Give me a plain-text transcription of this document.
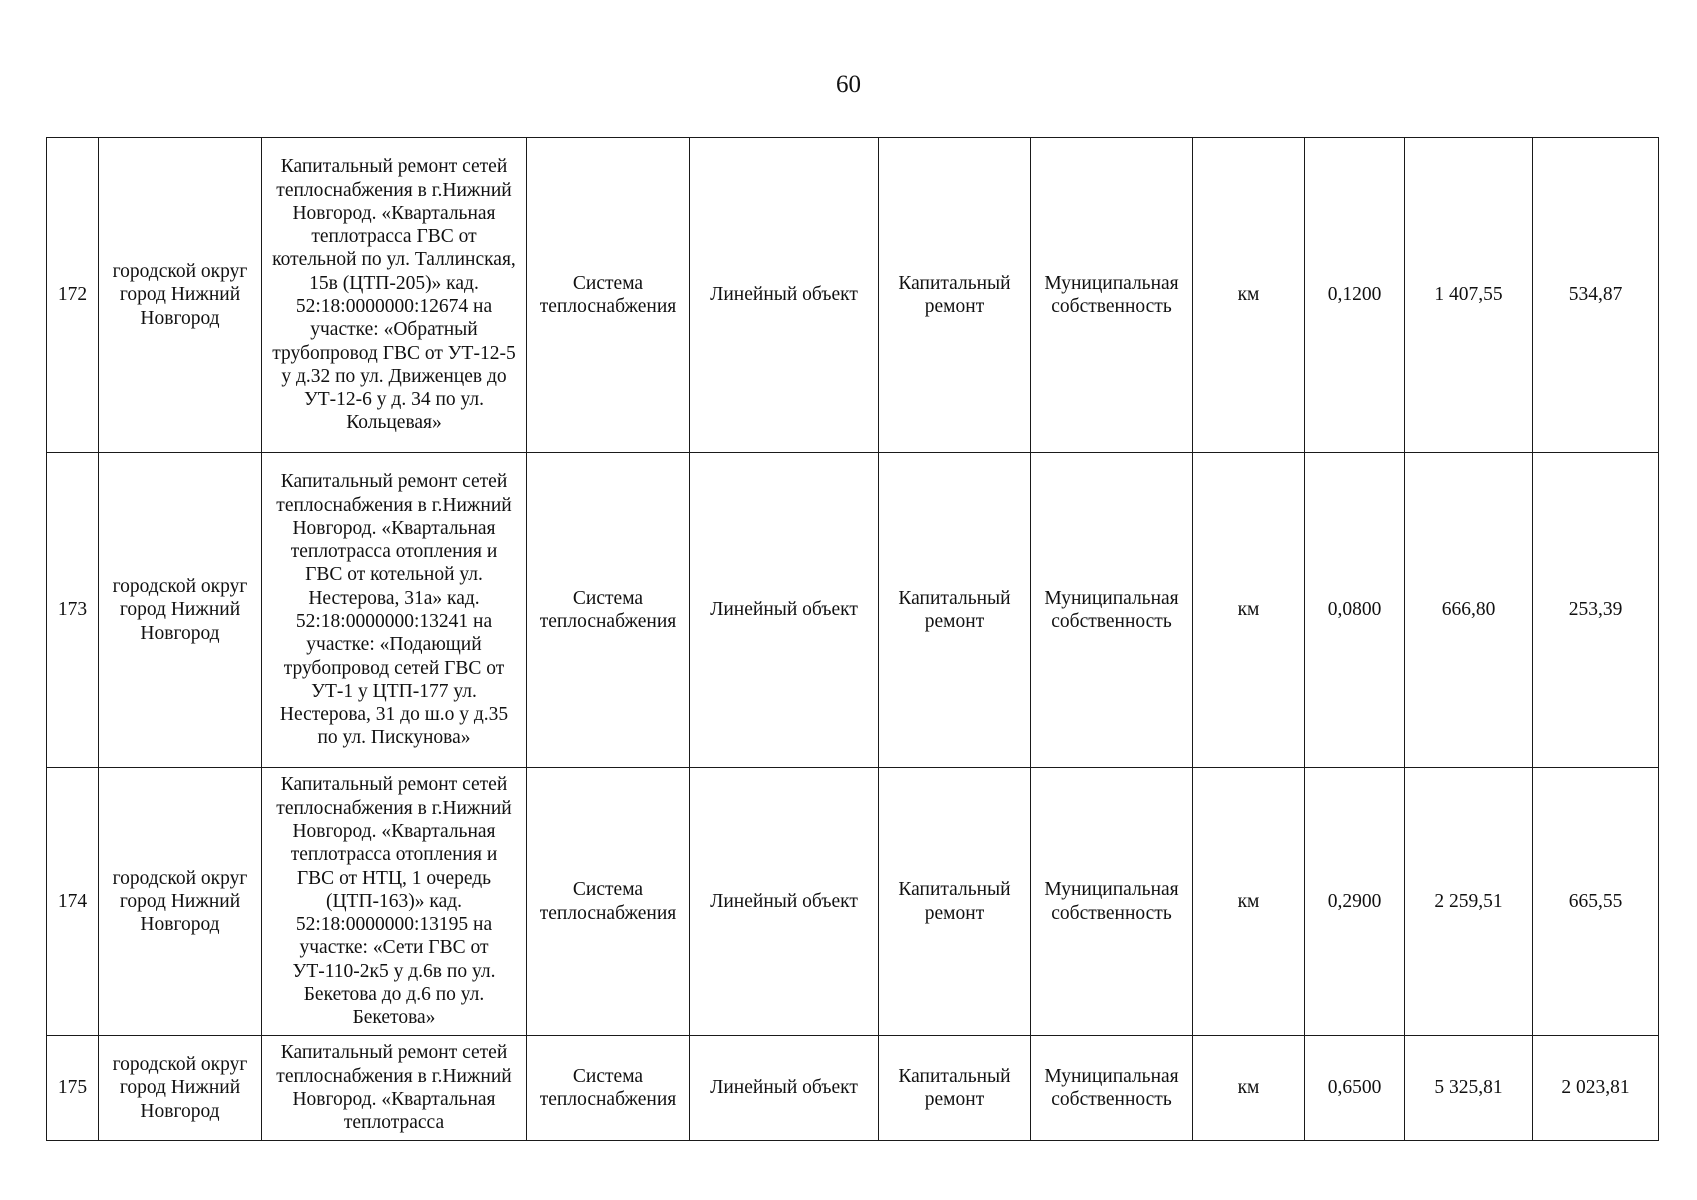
60
172	городской округ город Нижний Новгород	Капитальный ремонт сетей теплоснабжения в г.Нижний Новгород. «Квартальная теплотрасса ГВС от котельной по ул. Таллинская, 15в (ЦТП-205)» кад. 52:18:0000000:12674 на участке: «Обратный трубопровод ГВС от УТ-12-5 у д.32 по ул. Движенцев до УТ-12-6 у д. 34 по ул. Кольцевая»	Система теплоснабжения	Линейный объект	Капитальный ремонт	Муниципальная собственность	км	0,1200	1 407,55	534,87
173	городской округ город Нижний Новгород	Капитальный ремонт сетей теплоснабжения в г.Нижний Новгород. «Квартальная теплотрасса отопления и ГВС от котельной ул. Нестерова, 31а» кад. 52:18:0000000:13241 на участке: «Подающий трубопровод сетей ГВС от УТ-1 у ЦТП-177 ул. Нестерова, 31 до ш.о у д.35 по ул. Пискунова»	Система теплоснабжения	Линейный объект	Капитальный ремонт	Муниципальная собственность	км	0,0800	666,80	253,39
174	городской округ город Нижний Новгород	Капитальный ремонт сетей теплоснабжения в г.Нижний Новгород. «Квартальная теплотрасса отопления и ГВС от НТЦ, 1 очередь (ЦТП-163)» кад. 52:18:0000000:13195 на участке: «Сети ГВС от УТ-110-2к5 у д.6в по ул. Бекетова до д.6 по ул. Бекетова»	Система теплоснабжения	Линейный объект	Капитальный ремонт	Муниципальная собственность	км	0,2900	2 259,51	665,55
175	городской округ город Нижний Новгород	Капитальный ремонт сетей теплоснабжения в г.Нижний Новгород. «Квартальная теплотрасса	Система теплоснабжения	Линейный объект	Капитальный ремонт	Муниципальная собственность	км	0,6500	5 325,81	2 023,81
